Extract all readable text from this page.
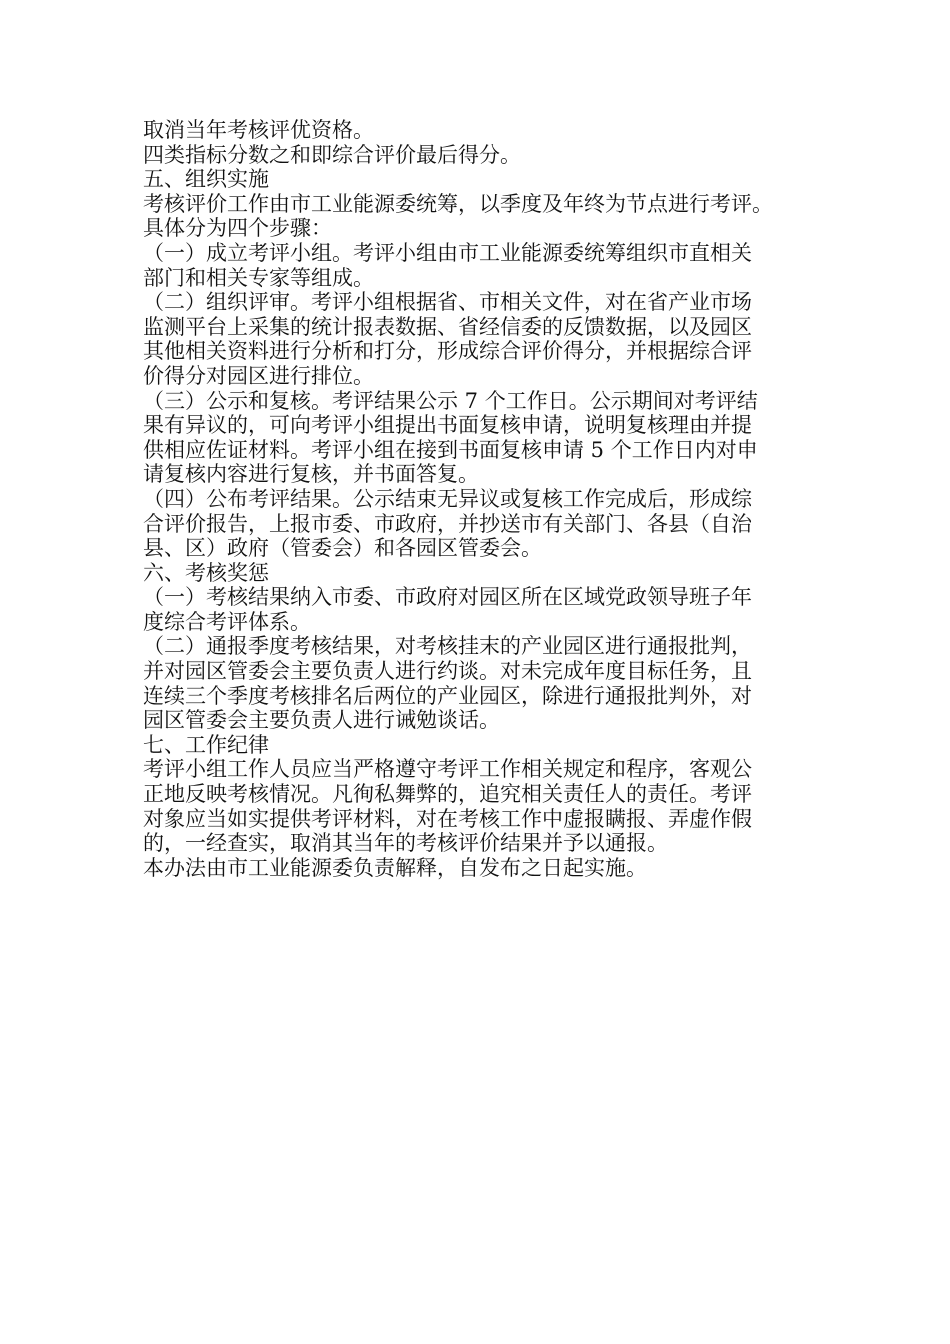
取消当年考核评优资格。
四类指标分数之和即综合评价最后得分。
五、组织实施
考核评价工作由市工业能源委统筹，以季度及年终为节点进行考评。
具体分为四个步骤：
（一）成立考评小组。考评小组由市工业能源委统筹组织市直相关
部门和相关专家等组成。
（二）组织评审。考评小组根据省、市相关文件，对在省产业市场
监测平台上采集的统计报表数据、省经信委的反馈数据，以及园区
其他相关资料进行分析和打分，形成综合评价得分，并根据综合评
价得分对园区进行排位。
（三）公示和复核。考评结果公示 7 个工作日。公示期间对考评结
果有异议的，可向考评小组提出书面复核申请，说明复核理由并提
供相应佐证材料。考评小组在接到书面复核申请 5 个工作日内对申
请复核内容进行复核，并书面答复。
（四）公布考评结果。公示结束无异议或复核工作完成后，形成综
合评价报告，上报市委、市政府，并抄送市有关部门、各县（自治
县、区）政府（管委会）和各园区管委会。
六、考核奖惩
（一）考核结果纳入市委、市政府对园区所在区域党政领导班子年
度综合考评体系。
（二）通报季度考核结果，对考核挂末的产业园区进行通报批判，
并对园区管委会主要负责人进行约谈。对未完成年度目标任务，且
连续三个季度考核排名后两位的产业园区，除进行通报批判外，对
园区管委会主要负责人进行诫勉谈话。
七、工作纪律
考评小组工作人员应当严格遵守考评工作相关规定和程序，客观公
正地反映考核情况。凡徇私舞弊的，追究相关责任人的责任。考评
对象应当如实提供考评材料，对在考核工作中虚报瞒报、弄虚作假
的，一经查实，取消其当年的考核评价结果并予以通报。
本办法由市工业能源委负责解释，自发布之日起实施。
